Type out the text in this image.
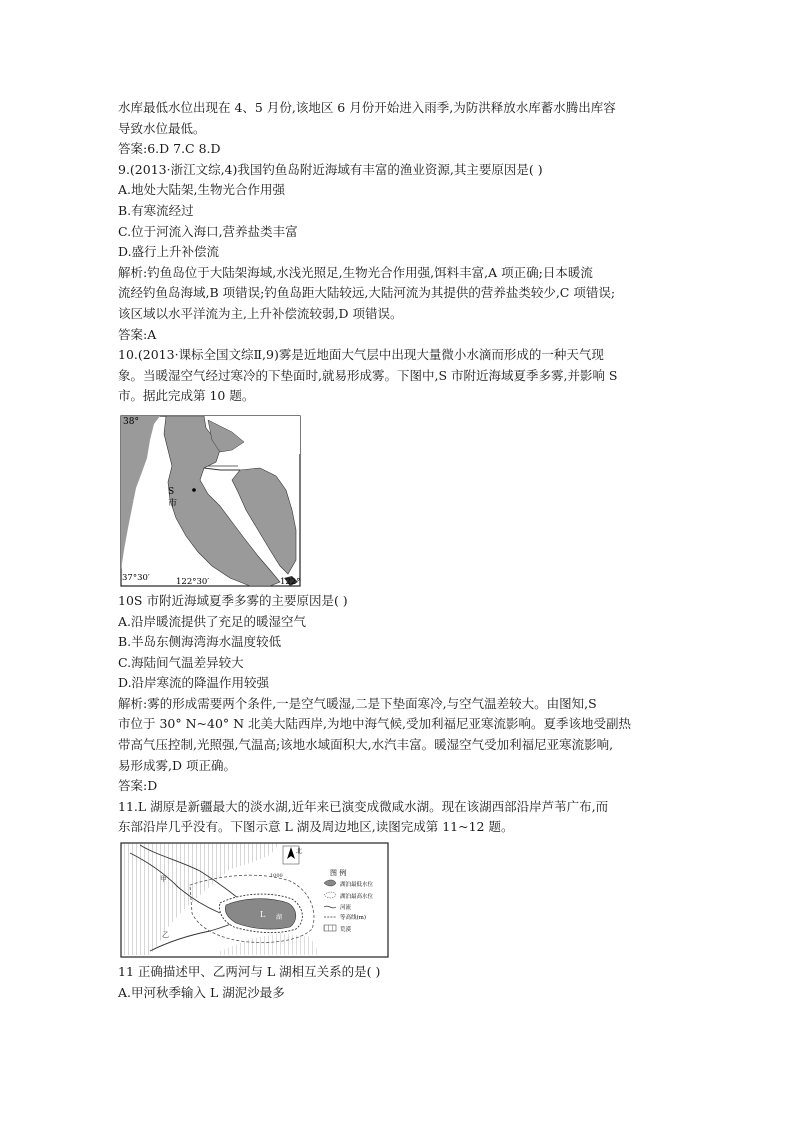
水库最低水位出现在 4、5 月份,该地区 6 月份开始进入雨季,为防洪释放水库蓄水腾出库容

导致水位最低。

答案:6.D 7.C 8.D

9.(2013·浙江文综,4)我国钓鱼岛附近海域有丰富的渔业资源,其主要原因是( )

A.地处大陆架,生物光合作用强

B.有寒流经过

C.位于河流入海口,营养盐类丰富

D.盛行上升补偿流

解析:钓鱼岛位于大陆架海域,水浅光照足,生物光合作用强,饵料丰富,A 项正确;日本暖流

流经钓鱼岛海域,B 项错误;钓鱼岛距大陆较远,大陆河流为其提供的营养盐类较少,C 项错误;

该区域以水平洋流为主,上升补偿流较弱,D 项错误。

答案:A

10.(2013·课标全国文综Ⅱ,9)雾是近地面大气层中出现大量微小水滴而形成的一种天气现

象。当暖湿空气经过寒冷的下垫面时,就易形成雾。下图中,S 市附近海域夏季多雾,并影响 S

市。据此完成第 10 题。

38°
37°30′	122°30′	122°
S
市
太
平
洋

10S 市附近海域夏季多雾的主要原因是( )

A.沿岸暖流提供了充足的暖湿空气

B.半岛东侧海湾海水温度较低

C.海陆间气温差异较大

D.沿岸寒流的降温作用较强

解析:雾的形成需要两个条件,一是空气暖湿,二是下垫面寒冷,与空气温差较大。由图知,S

市位于 30° N~40° N 北美大陆西岸,为地中海气候,受加利福尼亚寒流影响。夏季该地受副热

带高气压控制,光照强,气温高;该地水域面积大,水汽丰富。暖湿空气受加利福尼亚寒流影响,

易形成雾,D 项正确。

答案:D

11.L 湖原是新疆最大的淡水湖,近年来已演变成微咸水湖。现在该湖西部沿岸芦苇广布,而

东部沿岸几乎没有。下图示意 L 湖及周边地区,读图完成第 11~12 题。

L 湖
甲
乙
1000
北
图 例
湖泊最低水位
湖泊最高水位
河流
等高线(m)
荒漠

11 正确描述甲、乙两河与 L 湖相互关系的是( )

A.甲河秋季输入 L 湖泥沙最多
